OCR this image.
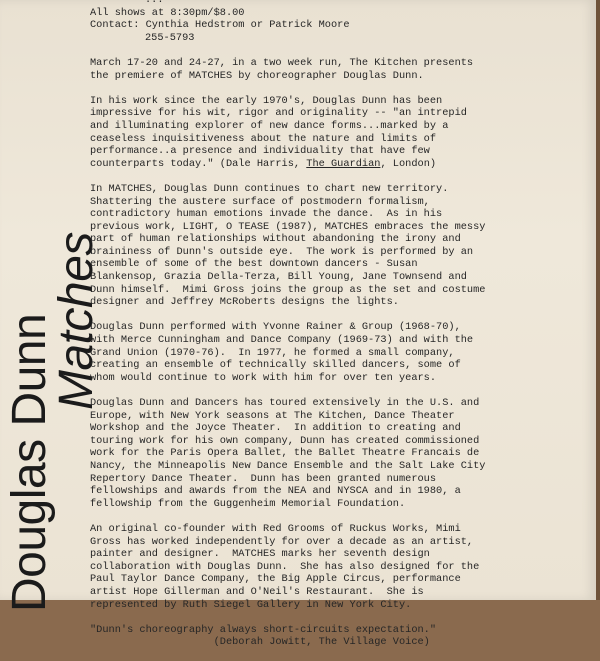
Douglas Dunn
Matches
...
All shows at 8:30pm/$8.00
Contact: Cynthia Hedstrom or Patrick Moore
255-5793

March 17-20 and 24-27, in a two week run, The Kitchen presents
the premiere of MATCHES by choreographer Douglas Dunn.

In his work since the early 1970's, Douglas Dunn has been
impressive for his wit, rigor and originality -- "an intrepid
and illuminating explorer of new dance forms...marked by a
ceaseless inquisitiveness about the nature and limits of
performance..a presence and individuality that have few
counterparts today." (Dale Harris, The Guardian, London)

In MATCHES, Douglas Dunn continues to chart new territory.
Shattering the austere surface of postmodern formalism,
contradictory human emotions invade the dance.  As in his
previous work, LIGHT, O TEASE (1987), MATCHES embraces the messy
part of human relationships without abandoning the irony and
braininess of Dunn's outside eye.  The work is performed by an
ensemble of some of the best downtown dancers - Susan
Blankensop, Grazia Della-Terza, Bill Young, Jane Townsend and
Dunn himself.  Mimi Gross joins the group as the set and costume
designer and Jeffrey McRoberts designs the lights.

Douglas Dunn performed with Yvonne Rainer & Group (1968-70),
with Merce Cunningham and Dance Company (1969-73) and with the
Grand Union (1970-76).  In 1977, he formed a small company,
creating an ensemble of technically skilled dancers, some of
whom would continue to work with him for over ten years.

Douglas Dunn and Dancers has toured extensively in the U.S. and
Europe, with New York seasons at The Kitchen, Dance Theater
Workshop and the Joyce Theater.  In addition to creating and
touring work for his own company, Dunn has created commissioned
work for the Paris Opera Ballet, the Ballet Theatre Francais de
Nancy, the Minneapolis New Dance Ensemble and the Salt Lake City
Repertory Dance Theater.  Dunn has been granted numerous
fellowships and awards from the NEA and NYSCA and in 1980, a
fellowship from the Guggenheim Memorial Foundation.

An original co-founder with Red Grooms of Ruckus Works, Mimi
Gross has worked independently for over a decade as an artist,
painter and designer.  MATCHES marks her seventh design
collaboration with Douglas Dunn.  She has also designed for the
Paul Taylor Dance Company, the Big Apple Circus, performance
artist Hope Gillerman and O'Neil's Restaurant.  She is
represented by Ruth Siegel Gallery in New York City.

"Dunn's choreography always short-circuits expectation."
(Deborah Jowitt, The Village Voice)
